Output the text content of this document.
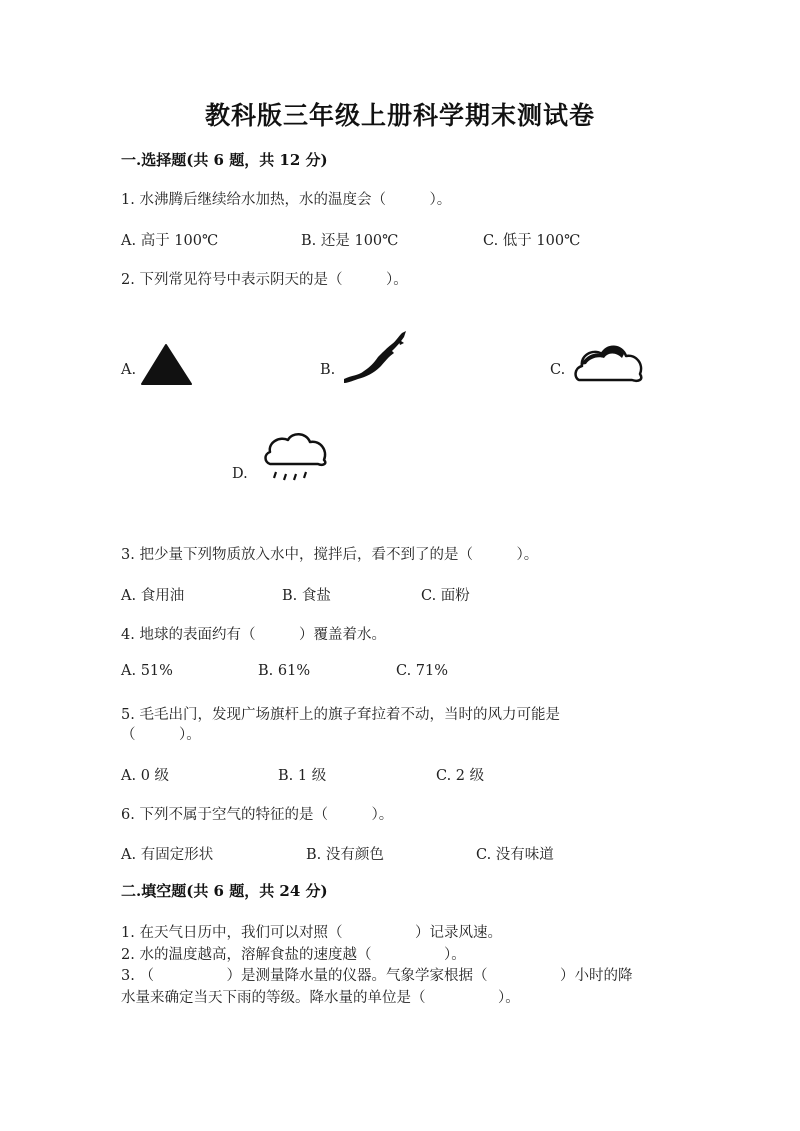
教科版三年级上册科学期末测试卷
一.选择题(共 6 题，共 12 分)
1. 水沸腾后继续给水加热，水的温度会（　　　）。
A. 高于 100℃	B. 还是 100℃	C. 低于 100℃
2. 下列常见符号中表示阴天的是（　　　）。
A.	B.	C.
D.
3. 把少量下列物质放入水中，搅拌后，看不到了的是（　　　）。
A. 食用油	B. 食盐	C. 面粉
4. 地球的表面约有（　　　）覆盖着水。
A. 51%	B. 61%	C. 71%
5. 毛毛出门，发现广场旗杆上的旗子耷拉着不动，当时的风力可能是
（　　　）。
A. 0 级	B. 1 级	C. 2 级
6. 下列不属于空气的特征的是（　　　）。
A. 有固定形状	B. 没有颜色	C. 没有味道
二.填空题(共 6 题，共 24 分)
1. 在天气日历中，我们可以对照（　　　　　）记录风速。
2. 水的温度越高，溶解食盐的速度越（　　　　　）。
3. （　　　　　）是测量降水量的仪器。气象学家根据（　　　　　）小时的降
水量来确定当天下雨的等级。降水量的单位是（　　　　　）。
